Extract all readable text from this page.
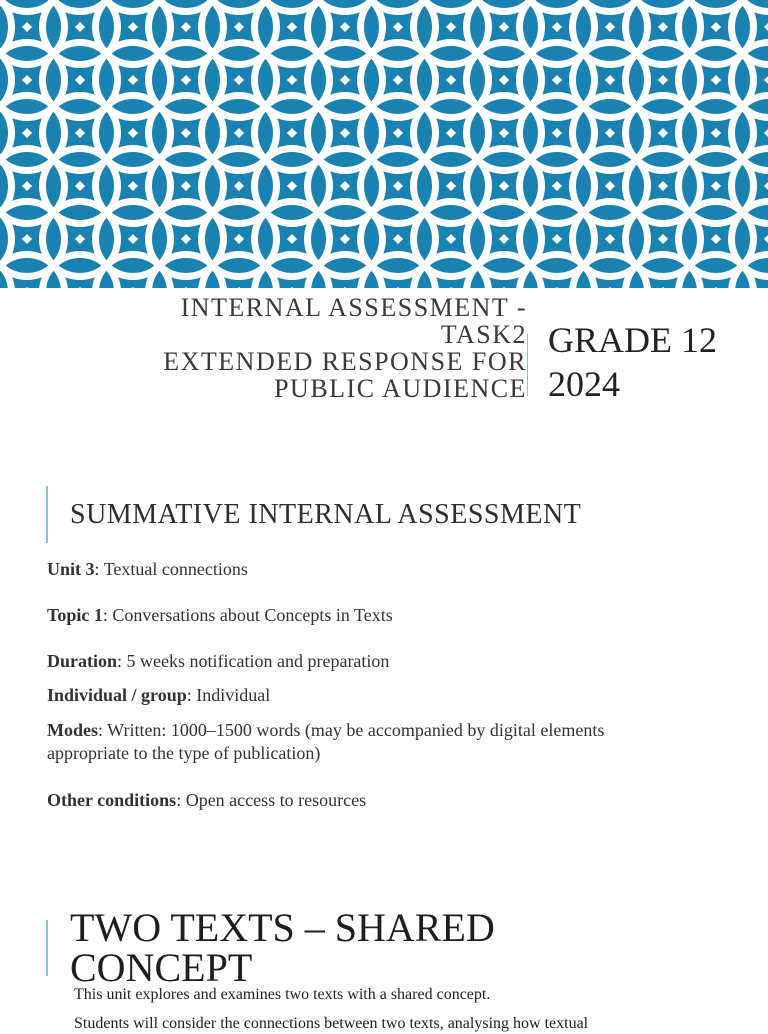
INTERNAL ASSESSMENT - TASK2
EXTENDED RESPONSE FOR PUBLIC AUDIENCE
GRADE 12
2024
SUMMATIVE INTERNAL ASSESSMENT
Unit 3: Textual connections
Topic 1: Conversations about Concepts in Texts
Duration: 5 weeks notification and preparation
Individual / group: Individual
Modes: Written: 1000–1500 words (may be accompanied by digital elements appropriate to the type of publication)
Other conditions: Open access to resources
TWO TEXTS – SHARED CONCEPT
This unit explores and examines two texts with a shared concept.
Students will consider the connections between two texts, analysing how textual
